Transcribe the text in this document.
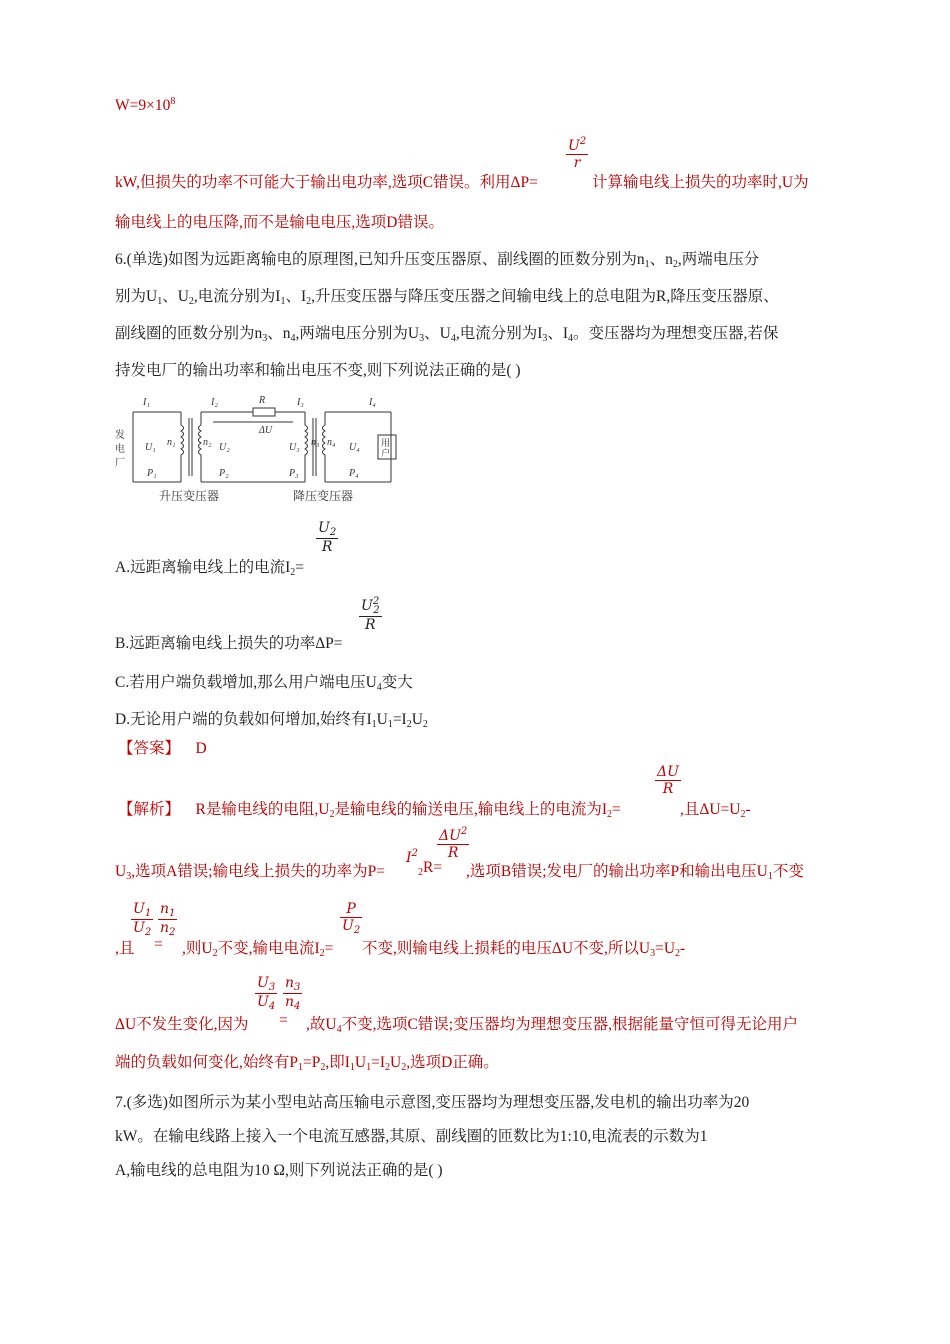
$W=9\times 10^8$
$\frac{U^2}{r}$
kW,但损失的功率不可能大于输出电功率,选项C错误。利用ΔP=	计算输电线上损失的功率时,U为
输电线上的电压降,而不是输电电压,选项D错误。
6.(单选)如图为远距离输电的原理图,已知升压变压器原、副线圈的匝数分别为$n_1$、$n_2$,两端电压分
别为$U_1$、$U_2$,电流分别为$I_1$、$I_2$,升压变压器与降压变压器之间输电线上的总电阻为R,降压变压器原、
副线圈的匝数分别为$n_3$、$n_4$,两端电压分别为$U_3$、$U_4$,电流分别为$I_3$、$I_4$。变压器均为理想变压器,若保
持发电厂的输出功率和输出电压不变,则下列说法正确的是( )
发
电
厂
用
户
R
ΔU
I₁	I₂	I₃	I₄
U₁ n₁	n₂ U₂	U₃ n₃ n₄ U₄
P₁	P₂	P₃	P₄
升压变压器	降压变压器
$\frac{U_2}{R}$
A.远距离输电线上的电流$I_2=$
$\frac{U^2_2}{R}$
B.远距离输电线上损失的功率ΔP=
C.若用户端负载增加,那么用户端电压$U_4$变大
D.无论用户端的负载如何增加,始终有$I_1U_1=I_2U_2$
【答案】 D
$\frac{\Delta U}{R}$
【解析】 R是输电线的电阻$,U_2$是输电线的输送电压,输电线上的电流为$I_2=$	,且$\Delta U=U_2-$
$\frac{\Delta U^2}{R}$
$U_3$,选项A错误;输电线上损失的功率为P=
$I^2$
$_2$R= ,选项B错误;发电厂的输出功率P和输出电压$U_1$不变
$\frac{U_1}{U_2} \frac{n_1}{n_2}$	$\frac{P}{U_2}$
,且 = ,则$U_2$不变,输电电流$I_2=$ 不变,则输电线上损耗的电压ΔU不变,所以$U_3=U_2-$
$\frac{U_3}{U_4} \frac{n_3}{n_4}$
ΔU不发生变化,因为 = ,故$U_4$不变,选项C错误;变压器均为理想变压器,根据能量守恒可得无论用户
端的负载如何变化,始终有$P_1=P_2$,即$I_1U_1=I_2U_2$,选项D正确。
7.(多选)如图所示为某小型电站高压输电示意图,变压器均为理想变压器,发电机的输出功率为20
kW。在输电线路上接入一个电流互感器,其原、副线圈的匝数比为1:10,电流表的示数为1
A,输电线的总电阻为10 Ω,则下列说法正确的是( )
